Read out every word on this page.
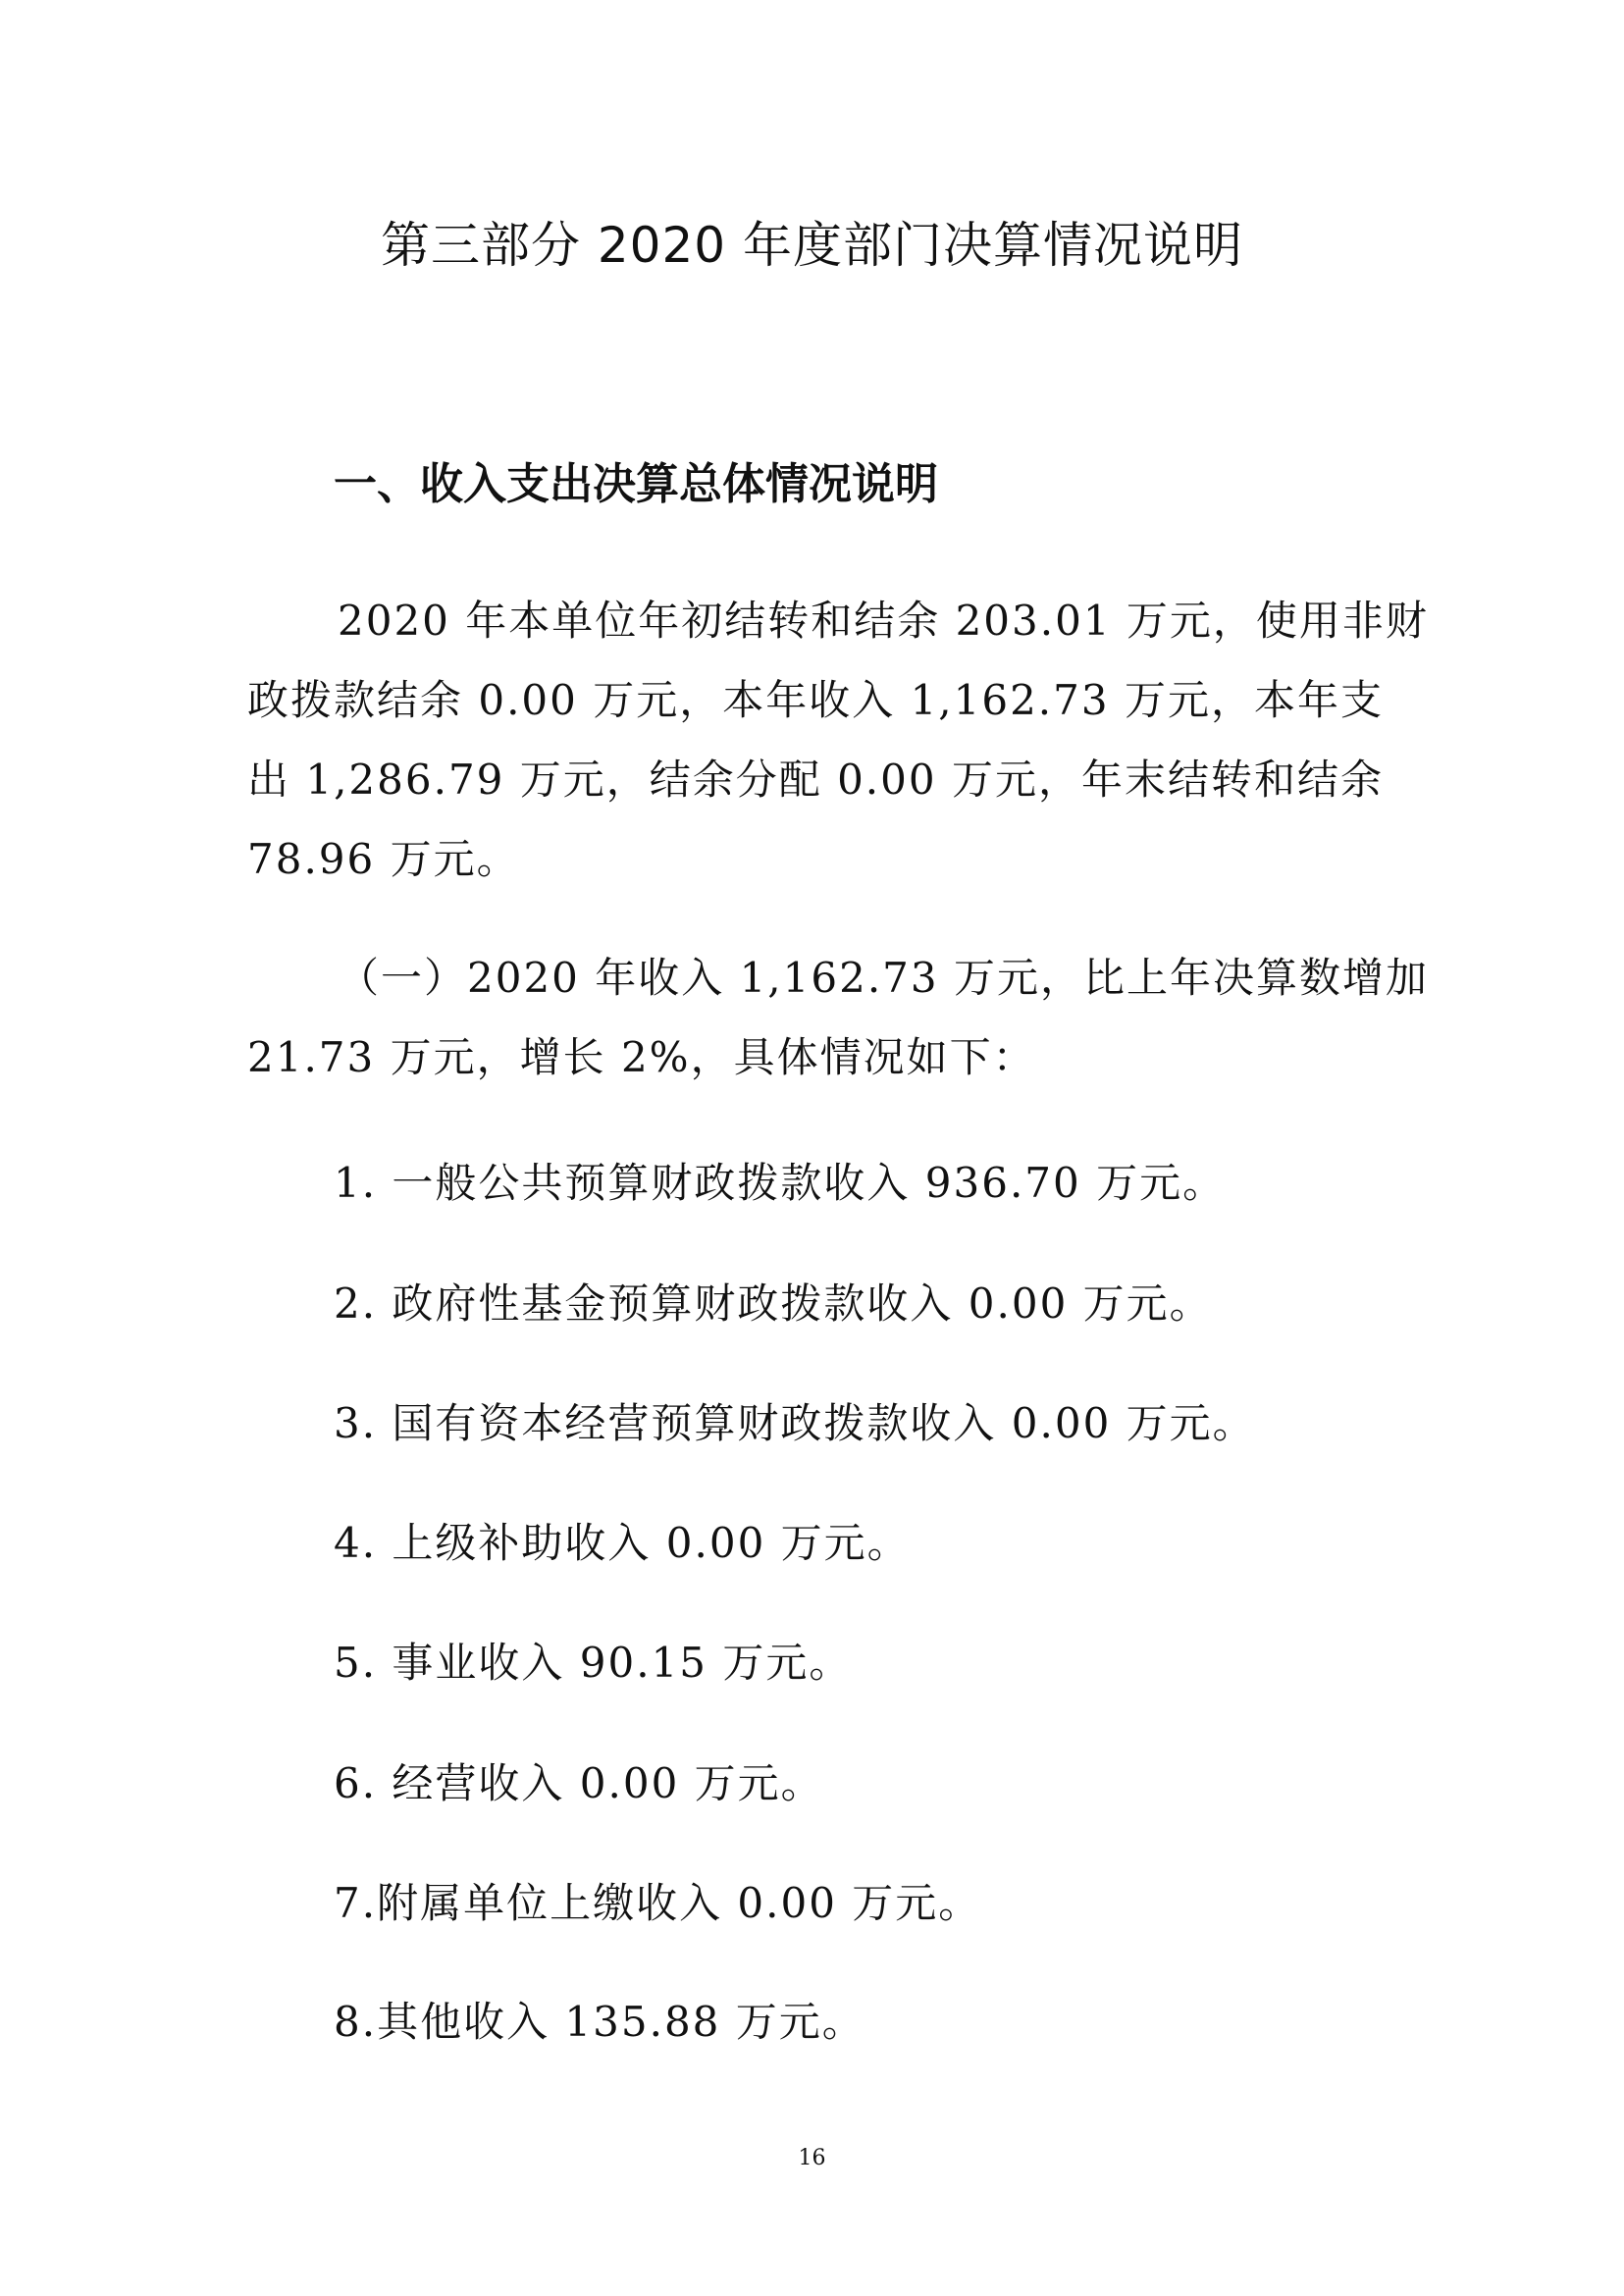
第三部分 2020 年度部门决算情况说明
一、收入支出决算总体情况说明
2020 年本单位年初结转和结余 203.01 万元，使用非财
政拨款结余 0.00 万元，本年收入 1,162.73 万元，本年支
出 1,286.79 万元，结余分配 0.00 万元，年末结转和结余
78.96 万元。
（一）2020 年收入 1,162.73 万元，比上年决算数增加
21.73 万元，增长 2%，具体情况如下：
1. 一般公共预算财政拨款收入 936.70 万元。
2. 政府性基金预算财政拨款收入 0.00 万元。
3. 国有资本经营预算财政拨款收入 0.00 万元。
4. 上级补助收入 0.00 万元。
5. 事业收入 90.15 万元。
6. 经营收入 0.00 万元。
7.附属单位上缴收入 0.00 万元。
8.其他收入 135.88 万元。
16
